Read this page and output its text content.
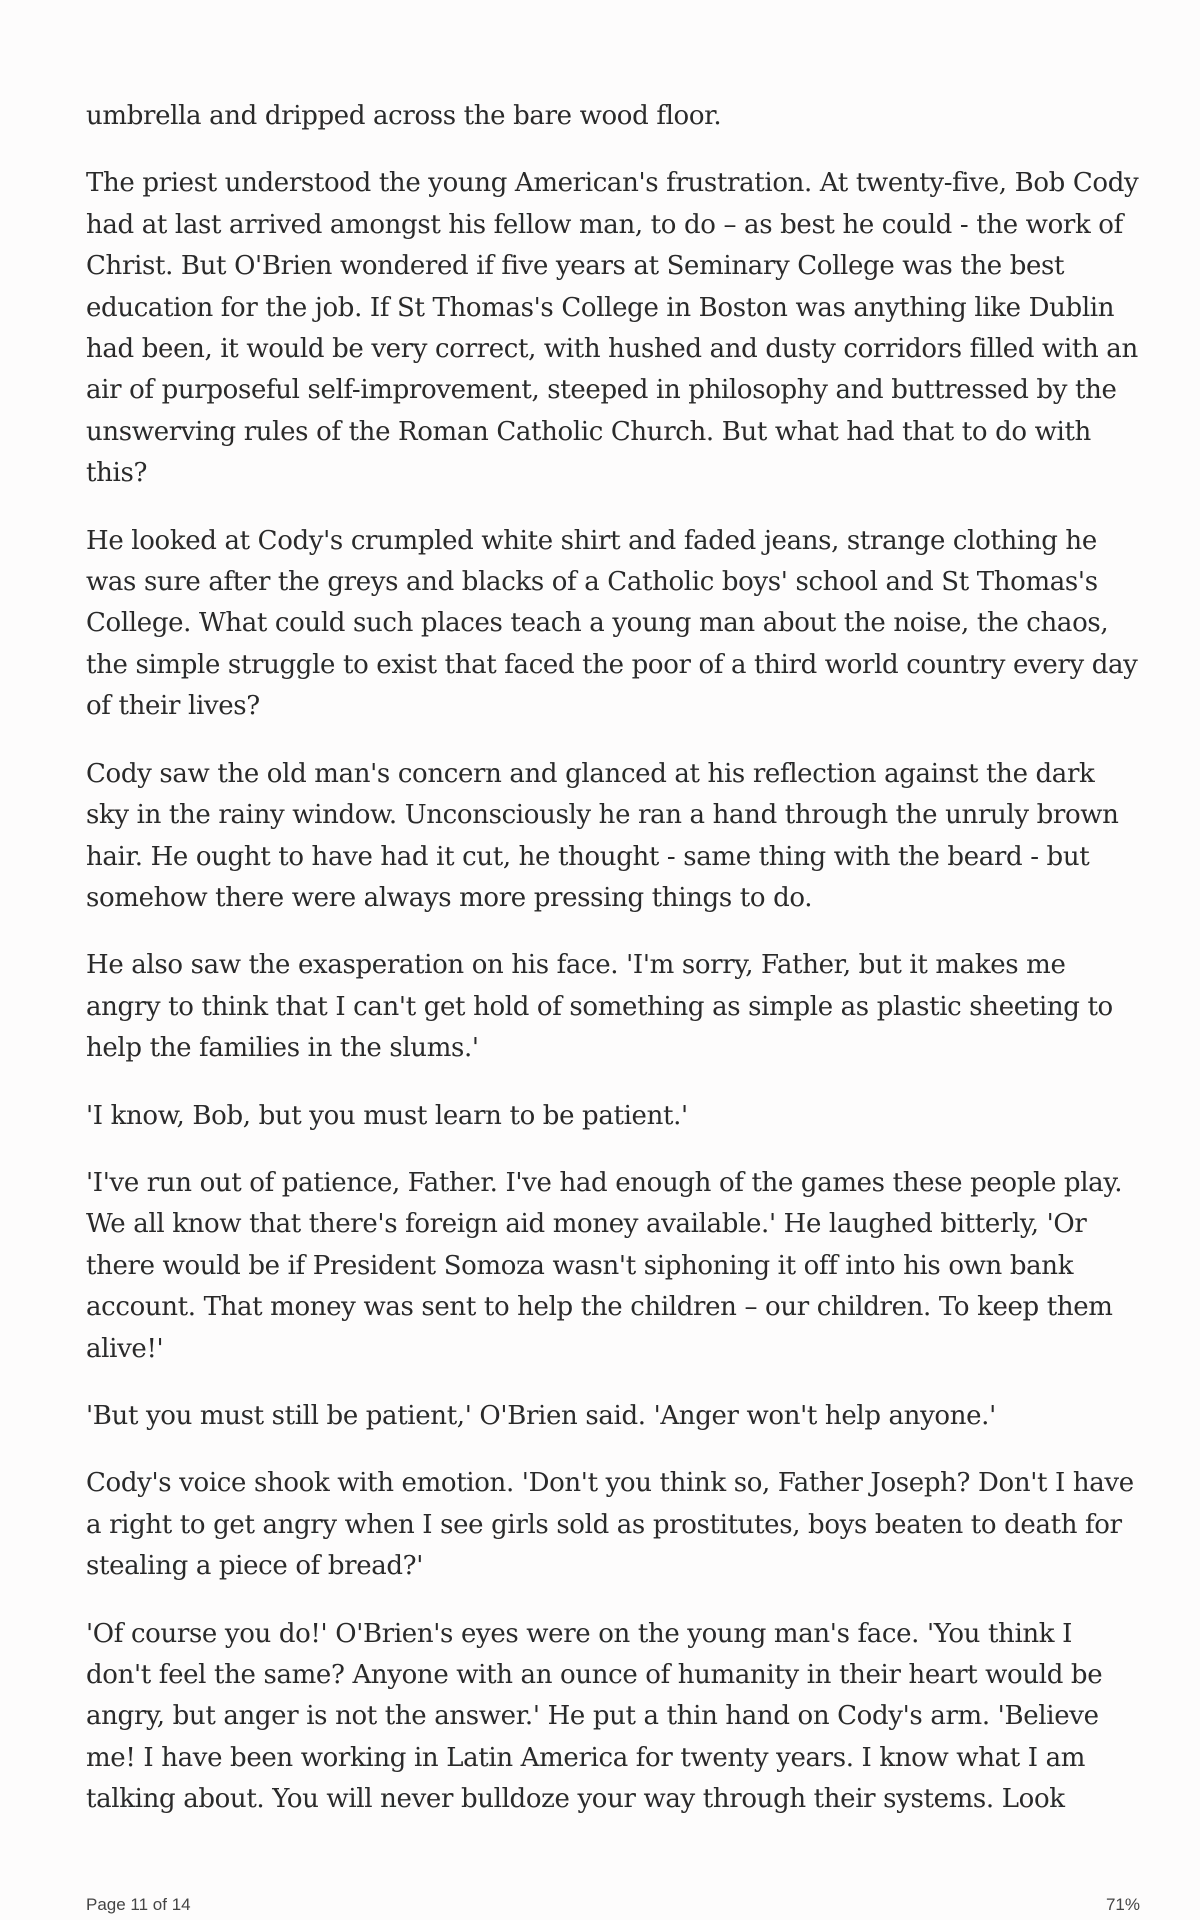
umbrella and dripped across the bare wood floor.

The priest understood the young American's frustration. At twenty-five, Bob Cody had at last arrived amongst his fellow man, to do – as best he could - the work of Christ. But O'Brien wondered if five years at Seminary College was the best education for the job. If St Thomas's College in Boston was anything like Dublin had been, it would be very correct, with hushed and dusty corridors filled with an air of purposeful self-improvement, steeped in philosophy and buttressed by the unswerving rules of the Roman Catholic Church. But what had that to do with this?

He looked at Cody's crumpled white shirt and faded jeans, strange clothing he was sure after the greys and blacks of a Catholic boys' school and St Thomas's College. What could such places teach a young man about the noise, the chaos, the simple struggle to exist that faced the poor of a third world country every day of their lives?

Cody saw the old man's concern and glanced at his reflection against the dark sky in the rainy window. Unconsciously he ran a hand through the unruly brown hair. He ought to have had it cut, he thought - same thing with the beard - but somehow there were always more pressing things to do.

He also saw the exasperation on his face. 'I'm sorry, Father, but it makes me angry to think that I can't get hold of something as simple as plastic sheeting to help the families in the slums.'

'I know, Bob, but you must learn to be patient.'

'I've run out of patience, Father. I've had enough of the games these people play. We all know that there's foreign aid money available.' He laughed bitterly, 'Or there would be if President Somoza wasn't siphoning it off into his own bank account. That money was sent to help the children – our children. To keep them alive!'

'But you must still be patient,' O'Brien said. 'Anger won't help anyone.'

Cody's voice shook with emotion. 'Don't you think so, Father Joseph? Don't I have a right to get angry when I see girls sold as prostitutes, boys beaten to death for stealing a piece of bread?'

'Of course you do!' O'Brien's eyes were on the young man's face. 'You think I don't feel the same? Anyone with an ounce of humanity in their heart would be angry, but anger is not the answer.' He put a thin hand on Cody's arm. 'Believe me! I have been working in Latin America for twenty years. I know what I am talking about. You will never bulldoze your way through their systems. Look

Page 11 of 14	71%
